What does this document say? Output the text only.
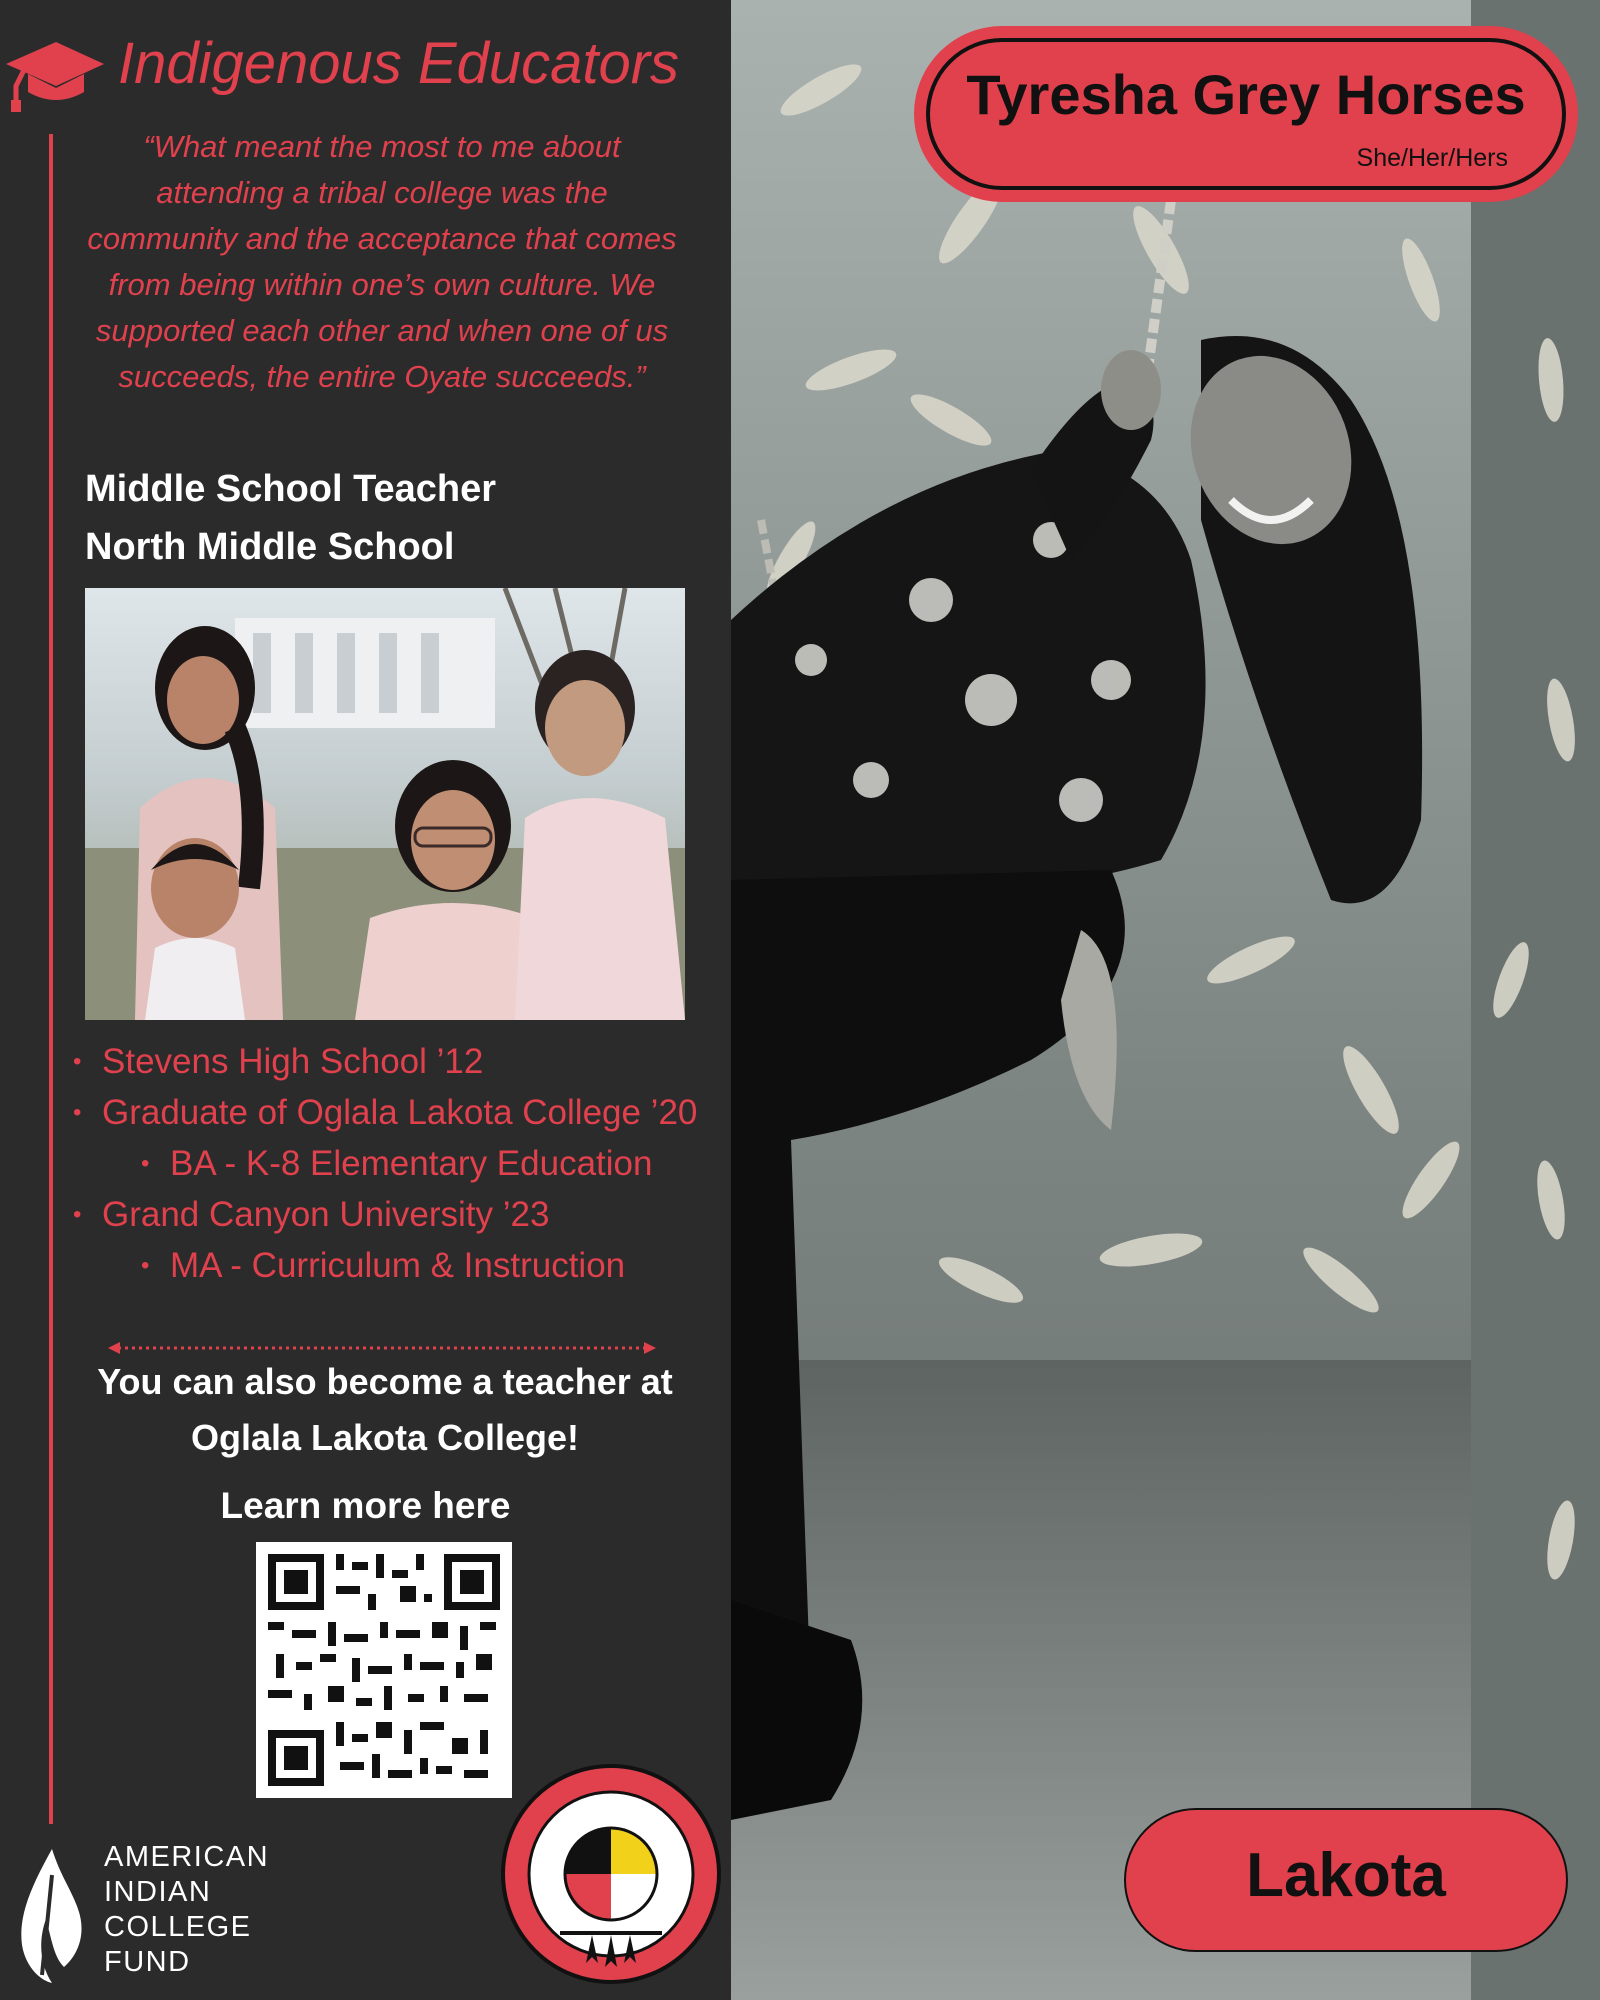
Indigenous Educators
“What meant the most to me about attending a tribal college was the community and the acceptance that comes from being within one’s own culture. We supported each other and when one of us succeeds, the entire Oyate succeeds.”
Middle School Teacher
North Middle School
• Stevens High School ’12
• Graduate of Oglala Lakota College ’20
• BA - K-8 Elementary Education
• Grand Canyon University ’23
• MA - Curriculum & Instruction
You can also become a teacher at
Oglala Lakota College!
Learn more here
AMERICAN
INDIAN
COLLEGE
FUND
Tyresha Grey Horses
She/Her/Hers
Lakota
